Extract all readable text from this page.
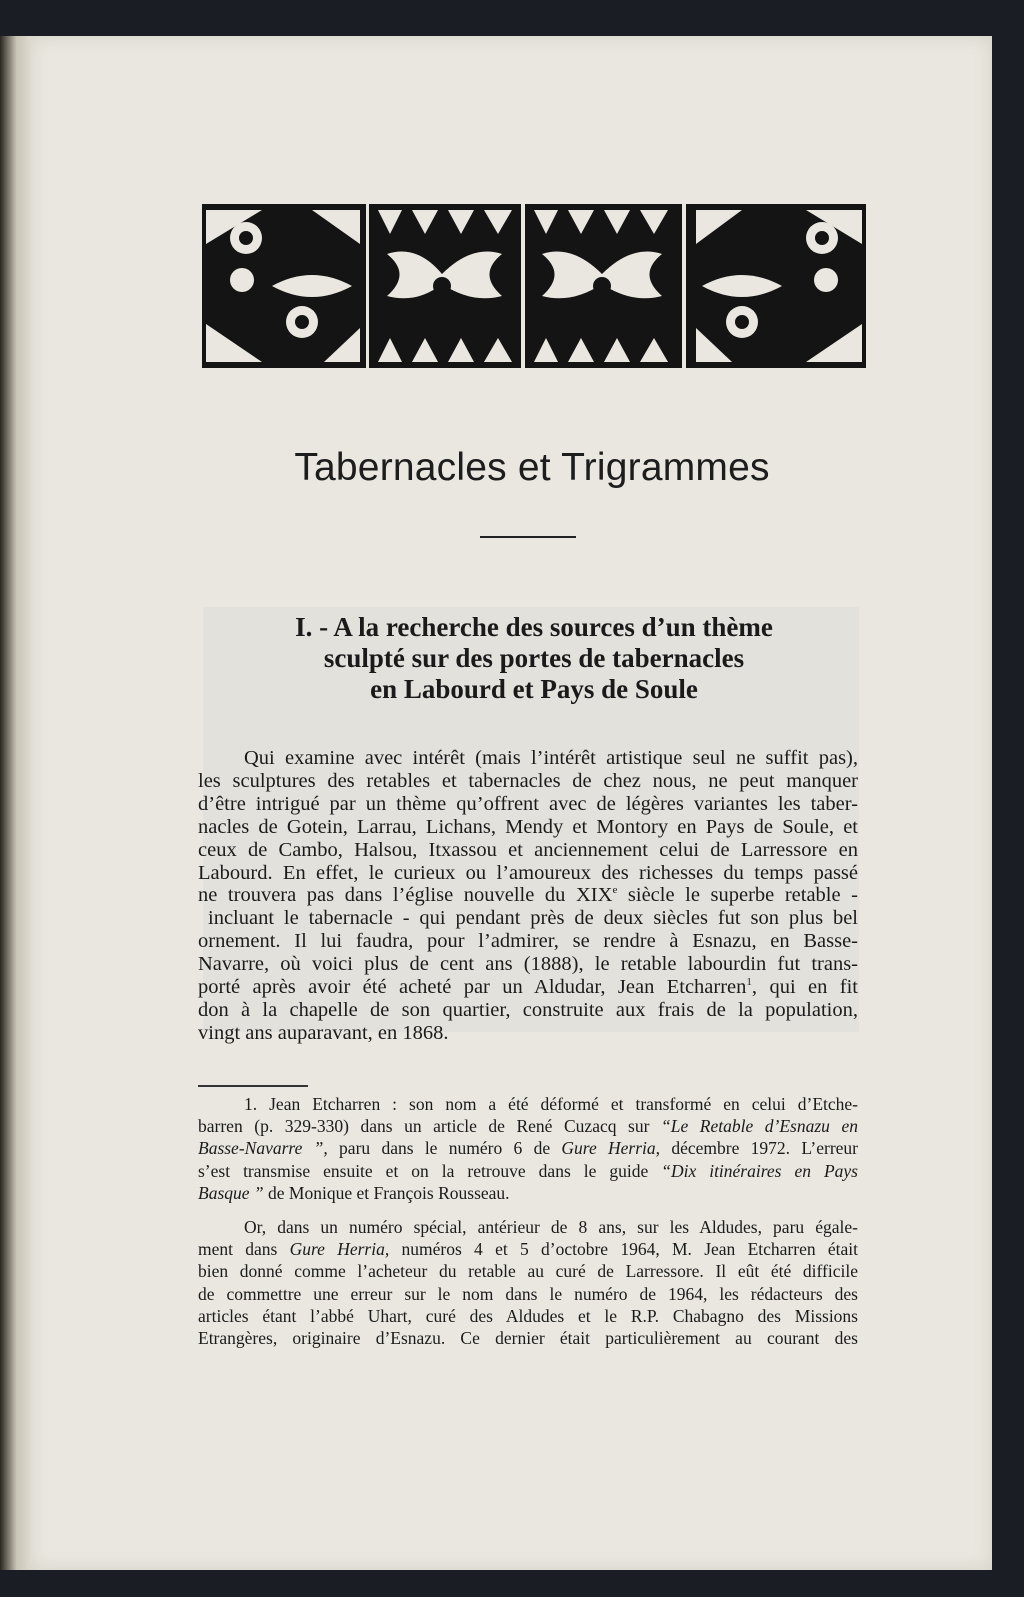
Tabernacles et Trigrammes
I. - A la recherche des sources d’un thème
sculpté sur des portes de tabernacles
en Labourd et Pays de Soule
Qui examine avec intérêt (mais l’intérêt artistique seul ne suffit pas),
les sculptures des retables et tabernacles de chez nous, ne peut manquer
d’être intrigué par un thème qu’offrent avec de légères variantes les taber-
nacles de Gotein, Larrau, Lichans, Mendy et Montory en Pays de Soule, et
ceux de Cambo, Halsou, Itxassou et anciennement celui de Larressore en
Labourd. En effet, le curieux ou l’amoureux des richesses du temps passé
ne trouvera pas dans l’église nouvelle du XIXe siècle le superbe retable -
incluant le tabernacle - qui pendant près de deux siècles fut son plus bel
ornement. Il lui faudra, pour l’admirer, se rendre à Esnazu, en Basse-
Navarre, où voici plus de cent ans (1888), le retable labourdin fut trans-
porté après avoir été acheté par un Aldudar, Jean Etcharren$^1$, qui en fit
don à la chapelle de son quartier, construite aux frais de la population,
vingt ans auparavant, en 1868.
1. Jean Etcharren : son nom a été déformé et transformé en celui d’Etche-
barren (p. 329-330) dans un article de René Cuzacq sur “Le Retable d’Esnazu en
Basse-Navarre ”, paru dans le numéro 6 de Gure Herria, décembre 1972. L’erreur
s’est transmise ensuite et on la retrouve dans le guide “Dix itinéraires en Pays
Basque ” de Monique et François Rousseau.
Or, dans un numéro spécial, antérieur de 8 ans, sur les Aldudes, paru égale-
ment dans Gure Herria, numéros 4 et 5 d’octobre 1964, M. Jean Etcharren était
bien donné comme l’acheteur du retable au curé de Larressore. Il eût été difficile
de commettre une erreur sur le nom dans le numéro de 1964, les rédacteurs des
articles étant l’abbé Uhart, curé des Aldudes et le R.P. Chabagno des Missions
Etrangères, originaire d’Esnazu. Ce dernier était particulièrement au courant des
